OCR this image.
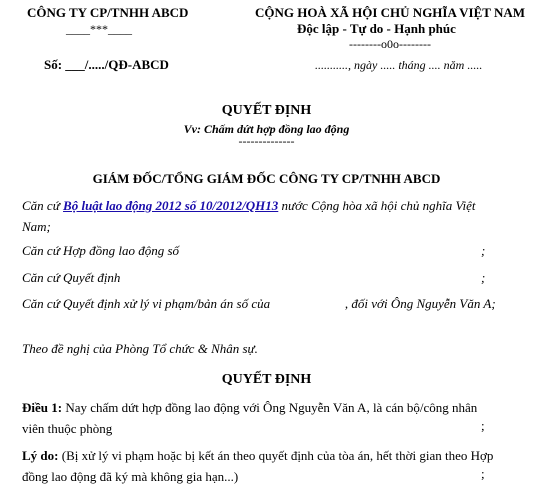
CÔNG TY CP/TNHH ABCD
____***____
Số: ___/...../QĐ-ABCD
CỘNG HOÀ XÃ HỘI CHỦ NGHĨA VIỆT NAM
Độc lập - Tự do - Hạnh phúc
--------o0o--------
..........., ngày ..... tháng .... năm .....
QUYẾT ĐỊNH
Vv: Chấm dứt hợp đồng lao động
--------------
GIÁM ĐỐC/TỔNG GIÁM ĐỐC CÔNG TY CP/TNHH ABCD
Căn cứ Bộ luật lao động 2012 số 10/2012/QH13 nước Cộng hòa xã hội chủ nghĩa Việt Nam;
Căn cứ Hợp đồng lao động số	;
Căn cứ Quyết định	;
Căn cứ Quyết định xử lý vi phạm/bản án số của                       , đối với Ông Nguyễn Văn A;
Theo đề nghị của Phòng Tổ chức & Nhân sự.
QUYẾT ĐỊNH
Điều 1: Nay chấm dứt hợp đồng lao động với Ông Nguyễn Văn A, là cán bộ/công nhân viên thuộc phòng	;
Lý do: (Bị xử lý vi phạm hoặc bị kết án theo quyết định của tòa án, hết thời gian theo Hợp đồng lao động đã ký mà không gia hạn...)	;
